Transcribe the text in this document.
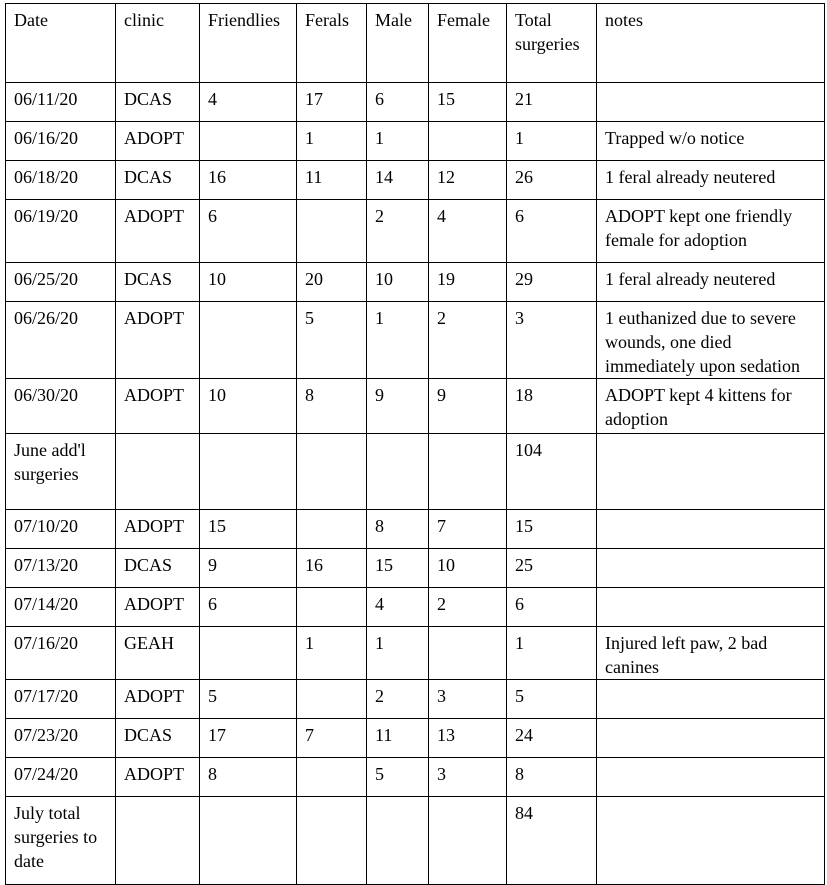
Date	clinic	Friendlies	Ferals	Male	Female	Total surgeries	notes
06/11/20	DCAS	4	17	6	15	21	
06/16/20	ADOPT		1	1		1	Trapped w/o notice
06/18/20	DCAS	16	11	14	12	26	1 feral already neutered
06/19/20	ADOPT	6		2	4	6	ADOPT kept one friendly female for adoption
06/25/20	DCAS	10	20	10	19	29	1 feral already neutered
06/26/20	ADOPT		5	1	2	3	1 euthanized due to severe wounds, one died immediately upon sedation
06/30/20	ADOPT	10	8	9	9	18	ADOPT kept 4 kittens for adoption
June add'l surgeries						104	
07/10/20	ADOPT	15		8	7	15	
07/13/20	DCAS	9	16	15	10	25	
07/14/20	ADOPT	6		4	2	6	
07/16/20	GEAH		1	1		1	Injured left paw, 2 bad canines
07/17/20	ADOPT	5		2	3	5	
07/23/20	DCAS	17	7	11	13	24	
07/24/20	ADOPT	8		5	3	8	
July total surgeries to date						84	
